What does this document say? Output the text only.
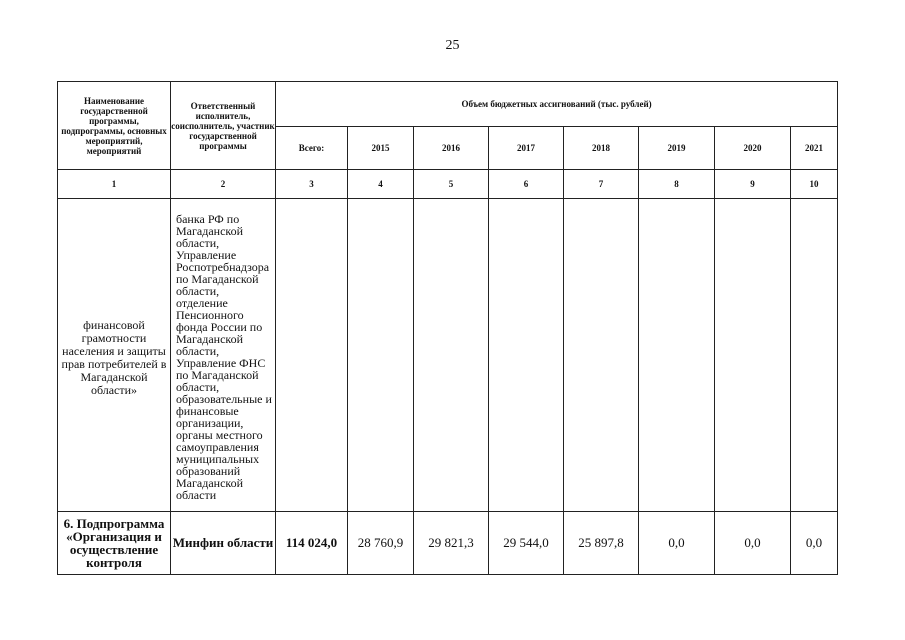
25
Наименование государственной программы, подпрограммы, основных мероприятий, мероприятий	Ответственный исполнитель, соисполнитель, участник государственной программы	Объем бюджетных ассигнований (тыс. рублей)							
		Всего:	2015	2016	2017	2018	2019	2020	2021
1	2	3	4	5	6	7	8	9	10
финансовой грамотности населения и защиты прав потребителей в Магаданской области»	банка РФ по Магаданской области, Управление Роспотребнадзора по Магаданской области, отделение Пенсионного фонда России по Магаданской области, Управление ФНС по Магаданской области, образовательные и финансовые организации, органы местного самоуправления муниципальных образований Магаданской области								
6. Подпрограмма «Организация и осуществление контроля	Минфин области	114 024,0	28 760,9	29 821,3	29 544,0	25 897,8	0,0	0,0	0,0
